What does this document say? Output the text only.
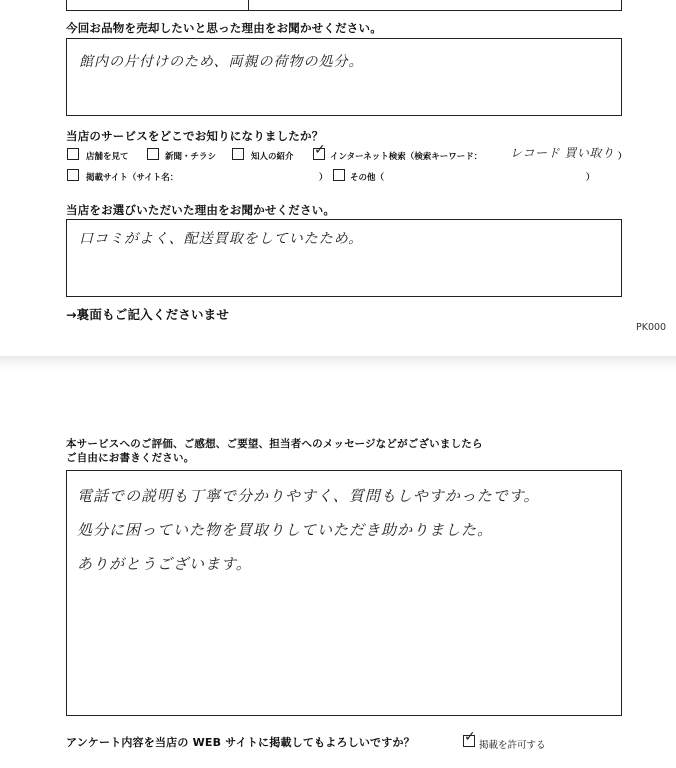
今回お品物を売却したいと思った理由をお聞かせください。
館内の片付けのため、両親の荷物の処分。
当店のサービスをどこでお知りになりましたか？
店舗を見て	新聞・チラシ	知人の紹介 ✓ インターネット検索（検索キーワード： レコード 買い取り ）
掲載サイト（サイト名：	）	その他（	）
当店をお選びいただいた理由をお聞かせください。
口コミがよく、配送買取をしていたため。
→裏面もご記入くださいませ
PK000
本サービスへのご評価、ご感想、ご要望、担当者へのメッセージなどがございましたら
ご自由にお書きください。
電話での説明も丁寧で分かりやすく、質問もしやすかったです。
処分に困っていた物を買取りしていただき助かりました。
ありがとうございます。
アンケート内容を当店の WEB サイトに掲載してもよろしいですか？	✓
掲載を許可する
